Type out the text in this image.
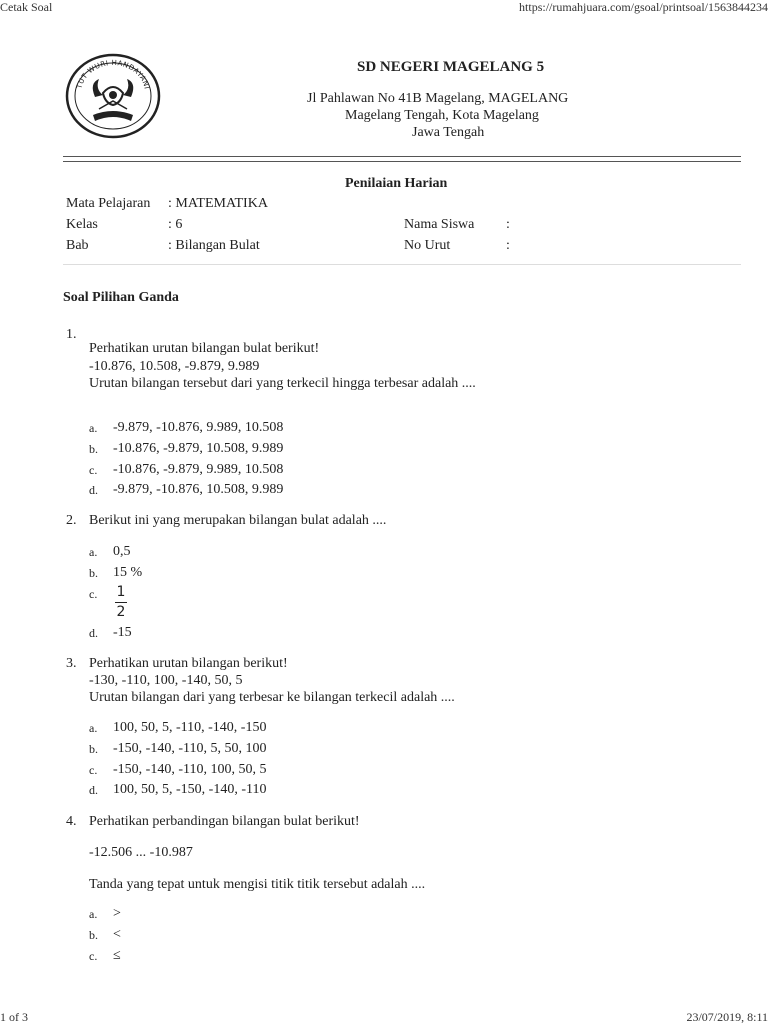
Cetak Soal	https://rumahjuara.com/gsoal/printsoal/1563844234
1 of 3	23/07/2019, 8:11
TUT WURI HANDAYANI
SD NEGERI MAGELANG 5
Jl Pahlawan No 41B Magelang, MAGELANG
Magelang Tengah, Kota Magelang
Jawa Tengah
Penilaian Harian
Mata Pelajaran : MATEMATIKA
Kelas	: 6
Bab	: Bilangan Bulat
Nama Siswa :
No Urut	:
Soal Pilihan Ganda
1.
Perhatikan urutan bilangan bulat berikut!
-10.876, 10.508, -9.879, 9.989
Urutan bilangan tersebut dari yang terkecil hingga terbesar adalah ....
a. -9.879, -10.876, 9.989, 10.508
b. -10.876, -9.879, 10.508, 9.989
c. -10.876, -9.879, 9.989, 10.508
d. -9.879, -10.876, 10.508, 9.989
2. Berikut ini yang merupakan bilangan bulat adalah ....
a. 0,5
b. 15 %
c. 1
2
d. -15
3. Perhatikan urutan bilangan berikut!
-130, -110, 100, -140, 50, 5
Urutan bilangan dari yang terbesar ke bilangan terkecil adalah ....
a. 100, 50, 5, -110, -140, -150
b. -150, -140, -110, 5, 50, 100
c. -150, -140, -110, 100, 50, 5
d. 100, 50, 5, -150, -140, -110
4. Perhatikan perbandingan bilangan bulat berikut!
-12.506 ... -10.987
Tanda yang tepat untuk mengisi titik titik tersebut adalah ....
a. >
b. <
c. ≤
